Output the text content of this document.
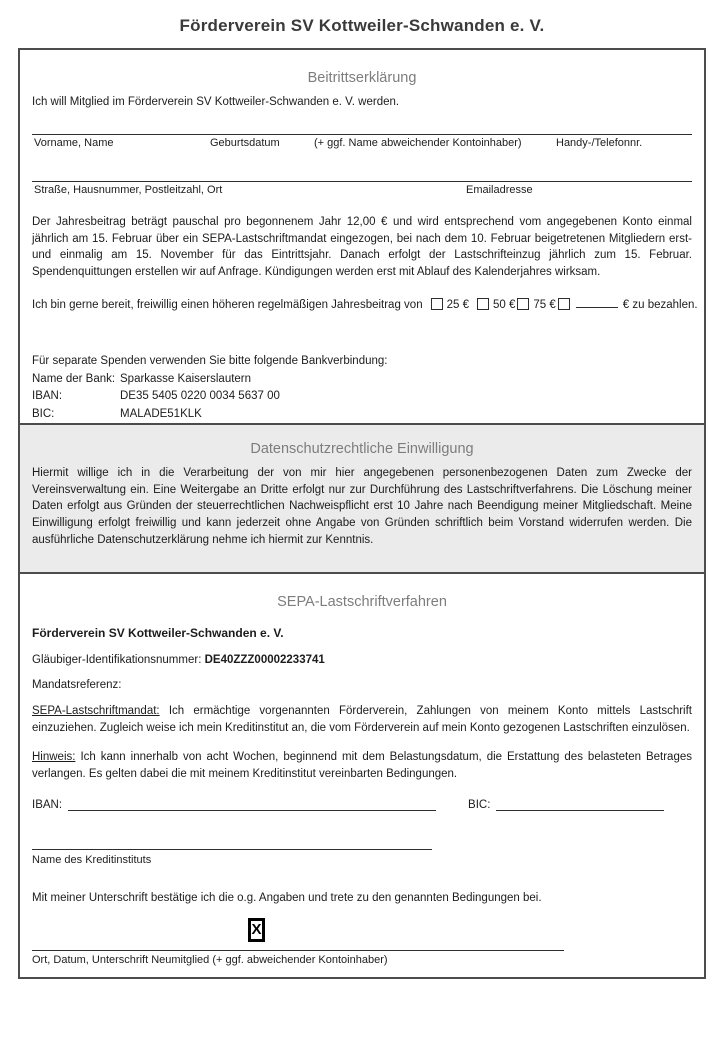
Förderverein SV Kottweiler-Schwanden e. V.
Beitrittserklärung
Ich will Mitglied im Förderverein SV Kottweiler-Schwanden e. V. werden.
Vorname, Name	Geburtsdatum	(+ ggf. Name abweichender Kontoinhaber)	Handy-/Telefonnr.
Straße, Hausnummer, Postleitzahl, Ort	Emailadresse

Der Jahresbeitrag beträgt pauschal pro begonnenem Jahr 12,00 € und wird entsprechend vom angegebenen Konto einmal jährlich am 15. Februar über ein SEPA-Lastschriftmandat eingezogen, bei nach dem 10. Februar beigetretenen Mitgliedern erst- und einmalig am 15. November für das Eintrittsjahr. Danach erfolgt der Lastschrifteinzug jährlich zum 15. Februar. Spendenquittungen erstellen wir auf Anfrage. Kündigungen werden erst mit Ablauf des Kalenderjahres wirksam.

Ich bin gerne bereit, freiwillig einen höheren regelmäßigen Jahresbeitrag von 25 € 50 € 75 €	€ zu bezahlen.
Für separate Spenden verwenden Sie bitte folgende Bankverbindung:
Name der Bank: Sparkasse Kaiserslautern
IBAN:	DE35 5405 0220 0034 5637 00
BIC:	MALADE51KLK
Datenschutzrechtliche Einwilligung

Hiermit willige ich in die Verarbeitung der von mir hier angegebenen personenbezogenen Daten zum Zwecke der Vereinsverwaltung ein. Eine Weitergabe an Dritte erfolgt nur zur Durchführung des Lastschriftverfahrens. Die Löschung meiner Daten erfolgt aus Gründen der steuerrechtlichen Nachweispflicht erst 10 Jahre nach Beendigung meiner Mitgliedschaft. Meine Einwilligung erfolgt freiwillig und kann jederzeit ohne Angabe von Gründen schriftlich beim Vorstand widerrufen werden. Die ausführliche Datenschutzerklärung nehme ich hiermit zur Kenntnis.

SEPA-Lastschriftverfahren
Förderverein SV Kottweiler-Schwanden e. V.
Gläubiger-Identifikationsnummer: DE40ZZZ00002233741
Mandatsreferenz:

SEPA-Lastschriftmandat: Ich ermächtige vorgenannten Förderverein, Zahlungen von meinem Konto mittels Lastschrift einzuziehen. Zugleich weise ich mein Kreditinstitut an, die vom Förderverein auf mein Konto gezogenen Lastschriften einzulösen.

Hinweis: Ich kann innerhalb von acht Wochen, beginnend mit dem Belastungsdatum, die Erstattung des belasteten Betrages verlangen. Es gelten dabei die mit meinem Kreditinstitut vereinbarten Bedingungen.

IBAN:	BIC:
Name des Kreditinstituts
Mit meiner Unterschrift bestätige ich die o.g. Angaben und trete zu den genannten Bedingungen bei.
X
Ort, Datum, Unterschrift Neumitglied (+ ggf. abweichender Kontoinhaber)
